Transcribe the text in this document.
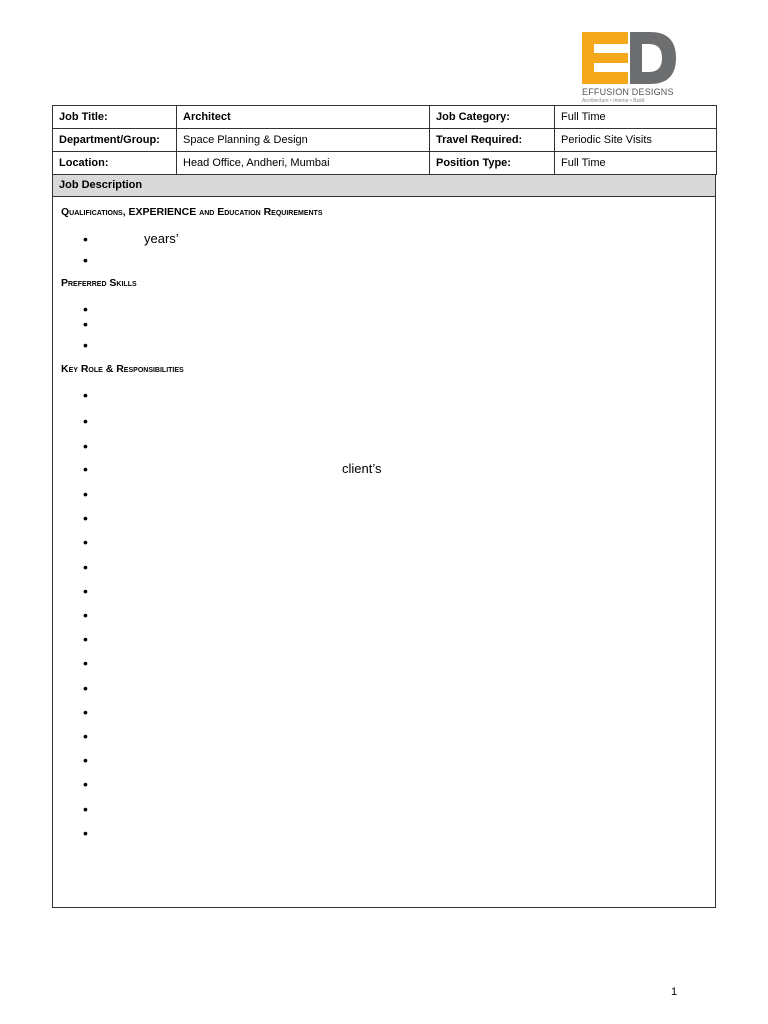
EFFUSION DESIGNS
Architecture • Interior • Build
Job Title:	Architect	Job Category:	Full Time
Department/Group:	Space Planning & Design	Travel Required:	Periodic Site Visits
Location:	Head Office, Andheri, Mumbai	Position Type:	Full Time
Job Description
Qualifications, EXPERIENCE and Education Requirements
•	years’
•
Preferred Skills
•
•
•
Key Role & Responsibilities
•
•
•
•	client’s
•
•
•
•
•
•
•
•
•
•
•
•
•
•
•
1
